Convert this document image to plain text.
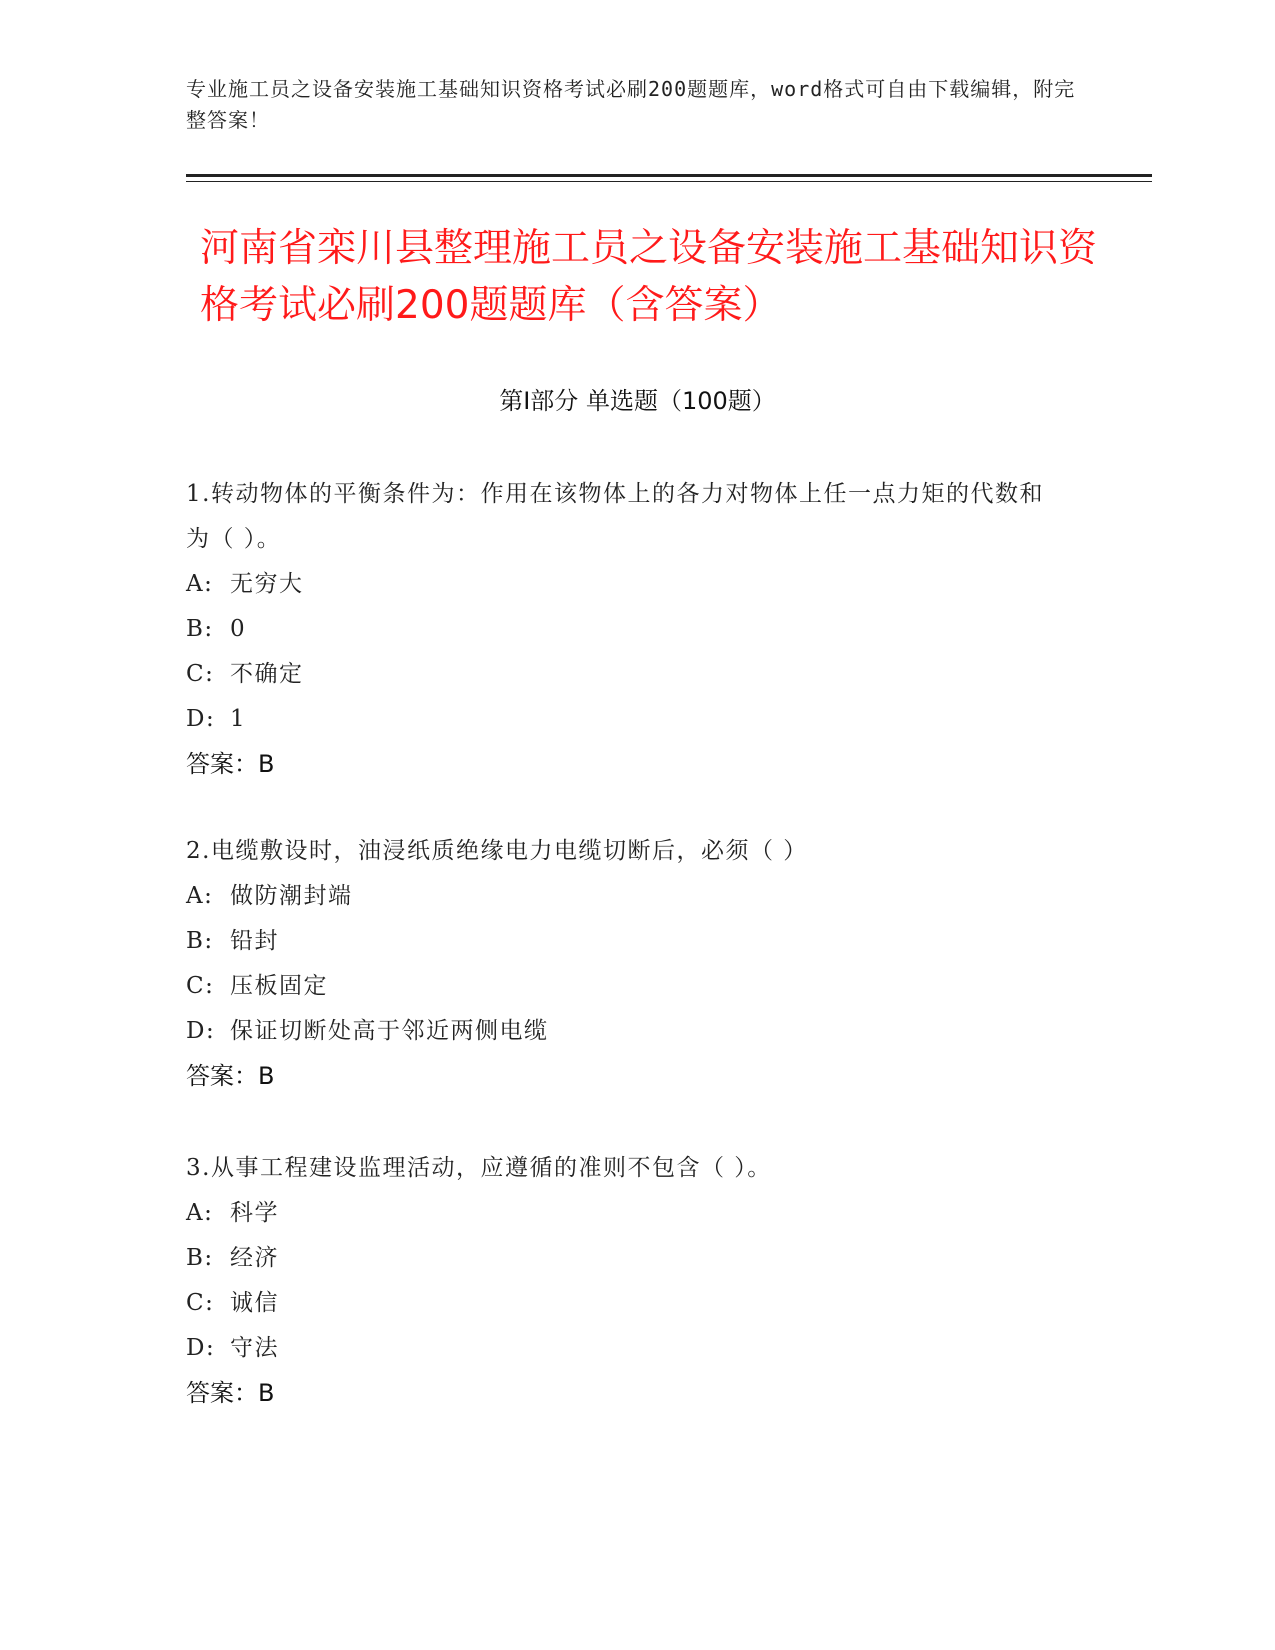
专业施工员之设备安装施工基础知识资格考试必刷200题题库，word格式可自由下载编辑，附完整答案！
河南省栾川县整理施工员之设备安装施工基础知识资格考试必刷200题题库（含答案）
第Ⅰ部分 单选题（100题）
1.转动物体的平衡条件为：作用在该物体上的各力对物体上任一点力矩的代数和为（ ）。
A: 无穷大
B: 0
C: 不确定
D: 1
答案：B
2.电缆敷设时，油浸纸质绝缘电力电缆切断后，必须（ ）
A: 做防潮封端
B: 铅封
C: 压板固定
D: 保证切断处高于邻近两侧电缆
答案：B
3.从事工程建设监理活动，应遵循的准则不包含（ ）。
A: 科学
B: 经济
C: 诚信
D: 守法
答案：B
